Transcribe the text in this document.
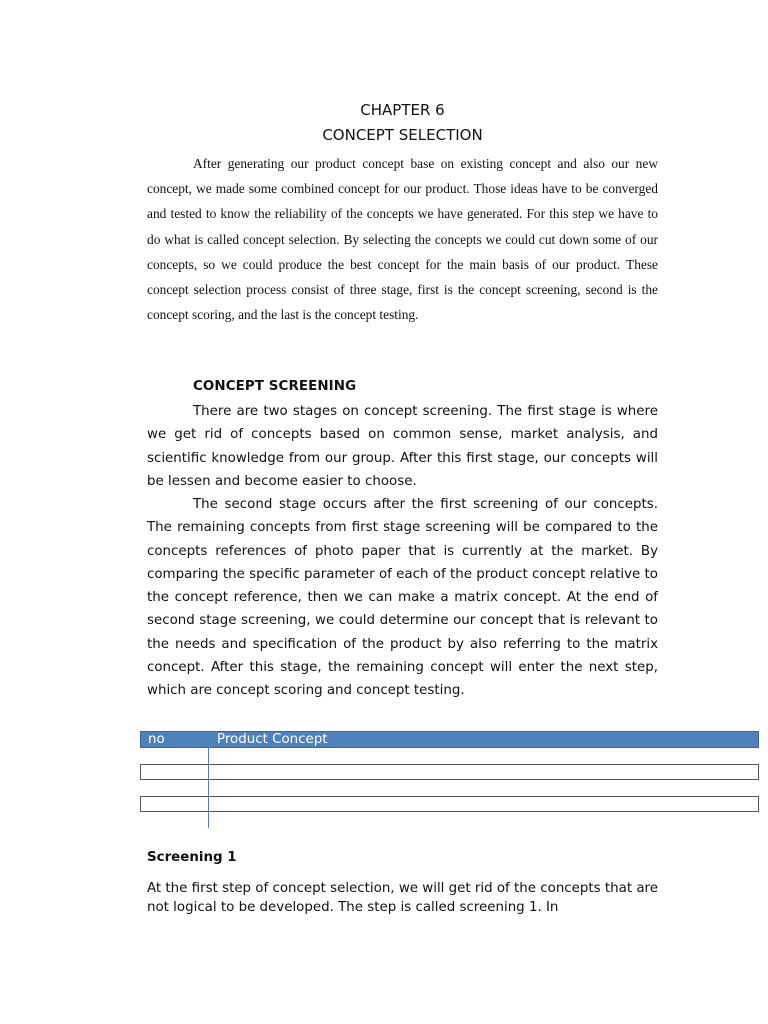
CHAPTER 6
CONCEPT SELECTION

After generating our product concept base on existing concept and also our new concept, we made some combined concept for our product. Those ideas have to be converged and tested to know the reliability of the concepts we have generated. For this step we have to do what is called concept selection. By selecting the concepts we could cut down some of our concepts, so we could produce the best concept for the main basis of our product. These concept selection process consist of three stage, first is the concept screening, second is the concept scoring, and the last is the concept testing.

CONCEPT SCREENING

There are two stages on concept screening. The first stage is where we get rid of concepts based on common sense, market analysis, and scientific knowledge from our group. After this first stage, our concepts will be lessen and become easier to choose.

The second stage occurs after the first screening of our concepts. The remaining concepts from first stage screening will be compared to the concepts references of photo paper that is currently at the market. By comparing the specific parameter of each of the product concept relative to the concept reference, then we can make a matrix concept. At the end of second stage screening, we could determine our concept that is relevant to the needs and specification of the product by also referring to the matrix concept. After this stage, the remaining concept will enter the next step, which are concept scoring and concept testing.

no	Product Concept
Screening 1

At the first step of concept selection, we will get rid of the concepts that are not logical to be developed. The step is called screening 1. In
